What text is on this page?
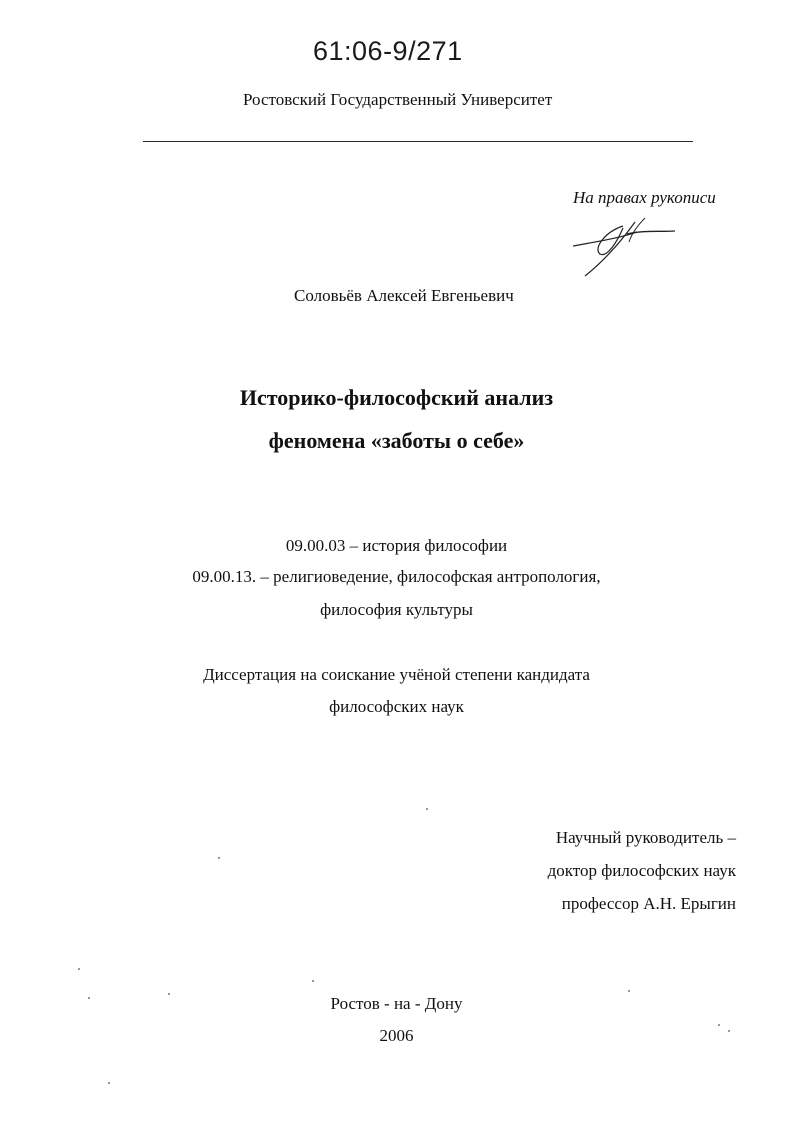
61:06-9/271
Ростовский Государственный Университет
На правах рукописи
Соловьёв Алексей Евгеньевич
Историко-философский анализ
феномена «заботы о себе»
09.00.03 – история философии
09.00.13. – религиоведение, философская антропология,
философия культуры
Диссертация на соискание учёной степени кандидата
философских наук
Научный руководитель –
доктор философских наук
профессор А.Н. Ерыгин
Ростов - на - Дону
2006
